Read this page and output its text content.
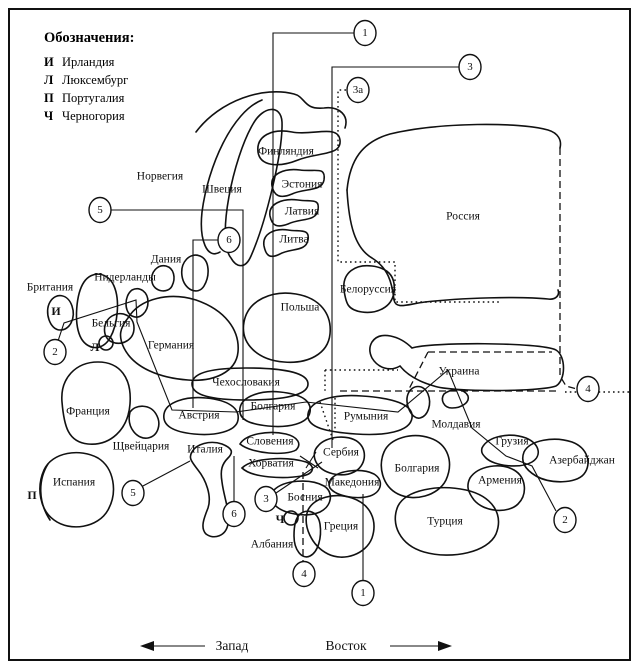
Обозначения:

И Ирландия
Л Люксембург
П Португалия
Ч Черногория
Запад	Восток
Норвегия
Швеция
Финляндия
Эстония
Латвия
Литва
Россия
Белоруссия
Дания
Британия
Нидерланды
Бельгия
Германия
Польша
Чехословакия
Франция	Австрия
Щвейцария
Болгария
Румыния
Украина
Молдавия
Италия
Словения
Хорватия
Сербия
Босния
Македония
Болгария
Греция
Албания
Испания
Турция
Армения
Грузия
Азербайджан
И
Л
П
Ч
1
3
3а
5
6
2
5
6
3
4
1
4
2
